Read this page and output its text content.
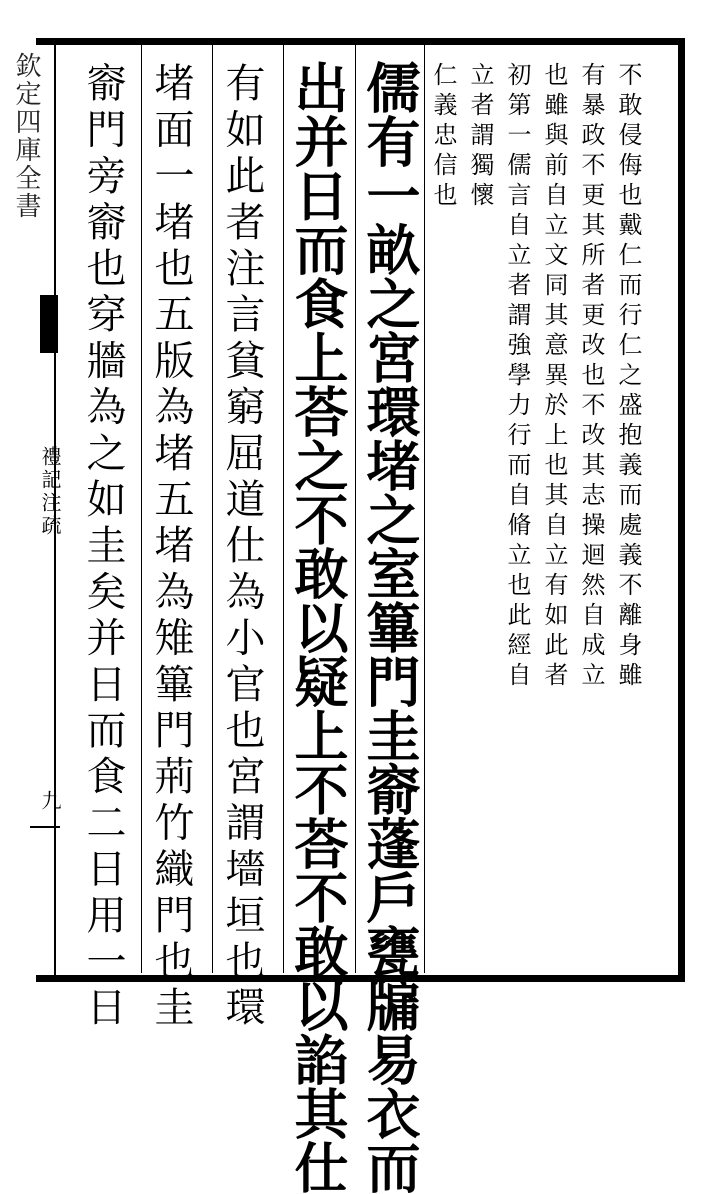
欽定四庫全書
禮記注疏
九
不敢侵侮也戴仁而行仁之盛抱義而處義不離身雖
有暴政不更其所者更改也不改其志操迴然自成立
也雖與前自立文同其意異於上也其自立有如此者
初第一儒言自立者謂強學力行而自脩立也此經自
立者謂獨懷
仁義忠信也
儒有一畝之宮環堵之室篳門圭窬蓬戶甕牖易衣而
出并日而食上荅之不敢以疑上不荅不敢以諂其仕
有如此者注言貧窮屈道仕為小官也宮謂墻垣也環
堵面一堵也五版為堵五堵為雉篳門荊竹織門也圭
窬門旁窬也穿牆為之如圭矣并日而食二日用一日
